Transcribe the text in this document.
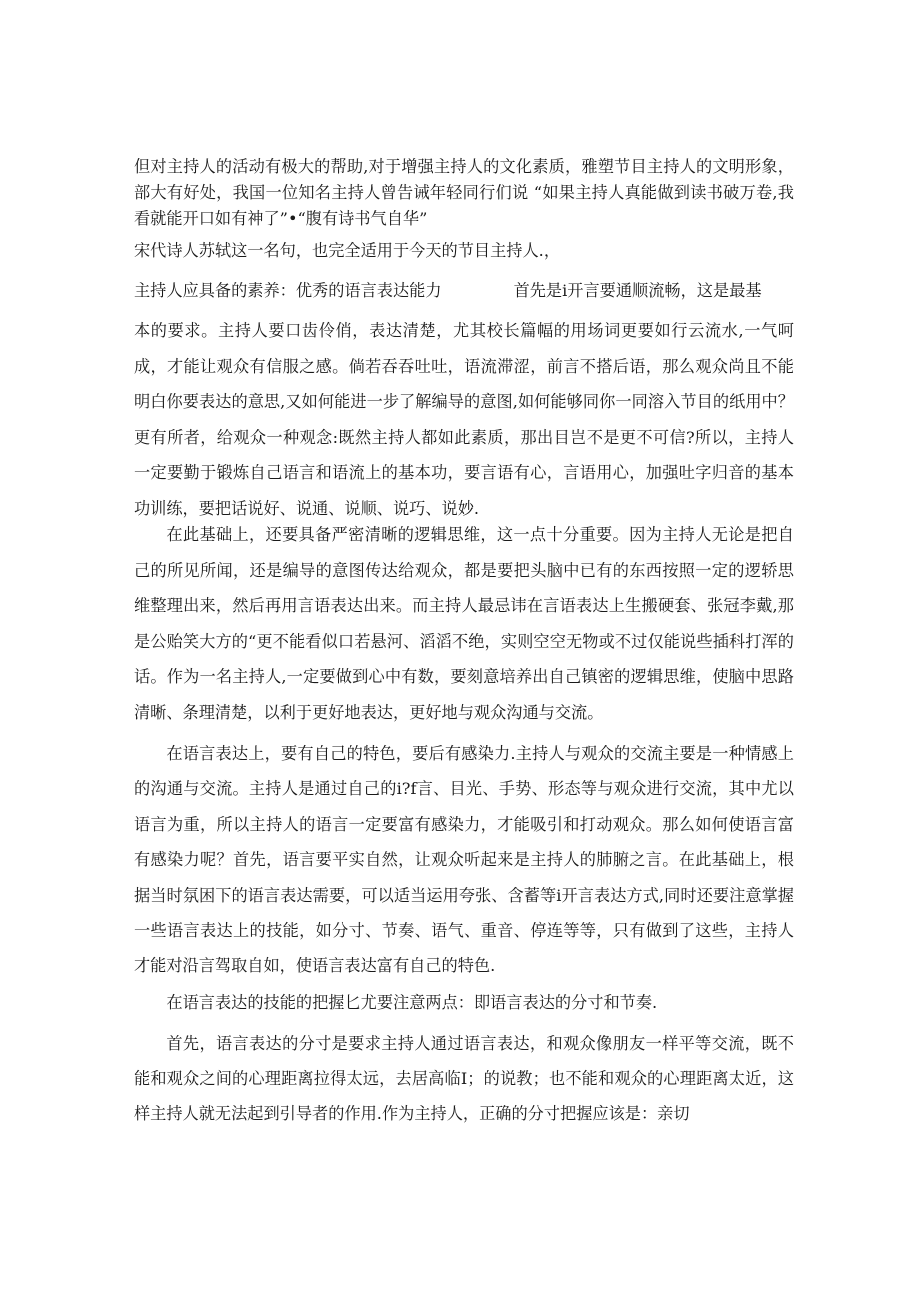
但对主持人的活动有极大的帮助,对于增强主持人的文化素质，雅塑节目主持人的文明形象，部大有好处，我国一位知名主持人曾告诫年轻同行们说 “如果主持人真能做到读书破万卷,我看就能开口如有神了”•“腹有诗书气自华”

宋代诗人苏轼这一名句，也完全适用于今天的节目主持人.，

主持人应具备的素养：优秀的语言表达能力	首先是i开言要通顺流畅，这是最基

本的要求。主持人要口齿伶俏，表达清楚，尤其校长篇幅的用场词更要如行云流水,一气呵成，才能让观众有信服之感。倘若吞吞吐吐，语流滞涩，前言不搭后语，那么观众尚且不能明白你要表达的意思,又如何能进一步了解编导的意图,如何能够同你一同溶入节目的纸用中？更有所者，给观众一种观念:既然主持人都如此素质，那出目岂不是更不可信?所以，主持人一定要勤于锻炼自己语言和语流上的基本功，要言语有心，言语用心，加强吐字归音的基本功训练，要把话说好、说通、说顺、说巧、说妙.

在此基础上，还要具备严密清晰的逻辑思维，这一点十分重要。因为主持人无论是把自己的所见所闻，还是编导的意图传达给观众，都是要把头脑中已有的东西按照一定的逻轿思维整理出来，然后再用言语表达出来。而主持人最忌讳在言语表达上生搬硬套、张冠李戴,那是公贻笑大方的“更不能看似口若悬河、滔滔不绝，实则空空无物或不过仅能说些插科打浑的话。作为一名主持人,一定要做到心中有数，要刻意培养出自己镇密的逻辑思维，使脑中思路清晰、条理清楚，以利于更好地表达，更好地与观众沟通与交流。

在语言表达上，要有自己的特色，要后有感染力.主持人与观众的交流主要是一种情感上的沟通与交流。主持人是通过自己的i?f言、目光、手势、形态等与观众进行交流，其中尤以语言为重，所以主持人的语言一定要富有感染力，才能吸引和打动观众。那么如何使语言富有感染力呢？首先，语言要平实自然，让观众听起来是主持人的肺腑之言。在此基础上，根据当时氛困下的语言表达需要，可以适当运用夸张、含蓄等i开言表达方式,同时还要注意掌握一些语言表达上的技能，如分寸、节奏、语气、重音、停连等等，只有做到了这些，主持人才能对沿言驾取自如，使语言表达富有自己的特色.

在语言表达的技能的把握匕尤要注意两点：即语言表达的分寸和节奏.

首先，语言表达的分寸是要求主持人通过语言表达，和观众像朋友一样平等交流，既不能和观众之间的心理距离拉得太远，去居高临I；的说教；也不能和观众的心理距离太近，这样主持人就无法起到引导者的作用.作为主持人，正确的分寸把握应该是：亲切
